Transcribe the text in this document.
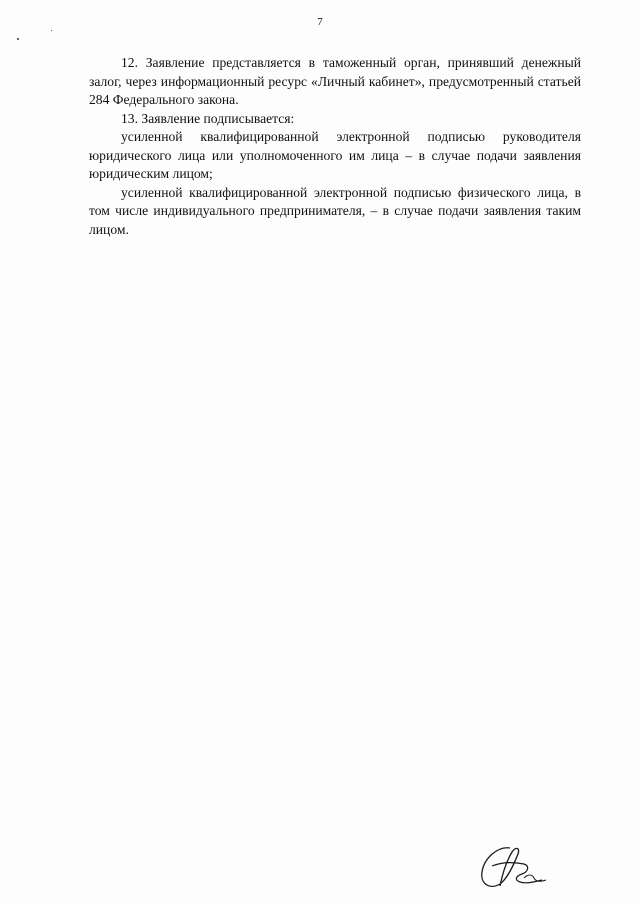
7

12. Заявление представляется в таможенный орган, принявший денежный залог, через информационный ресурс «Личный кабинет», предусмотренный статьей 284 Федерального закона.

13. Заявление подписывается:

усиленной квалифицированной электронной подписью руководителя юридического лица или уполномоченного им лица – в случае подачи заявления юридическим лицом;

усиленной квалифицированной электронной подписью физического лица, в том числе индивидуального предпринимателя, – в случае подачи заявления таким лицом.
